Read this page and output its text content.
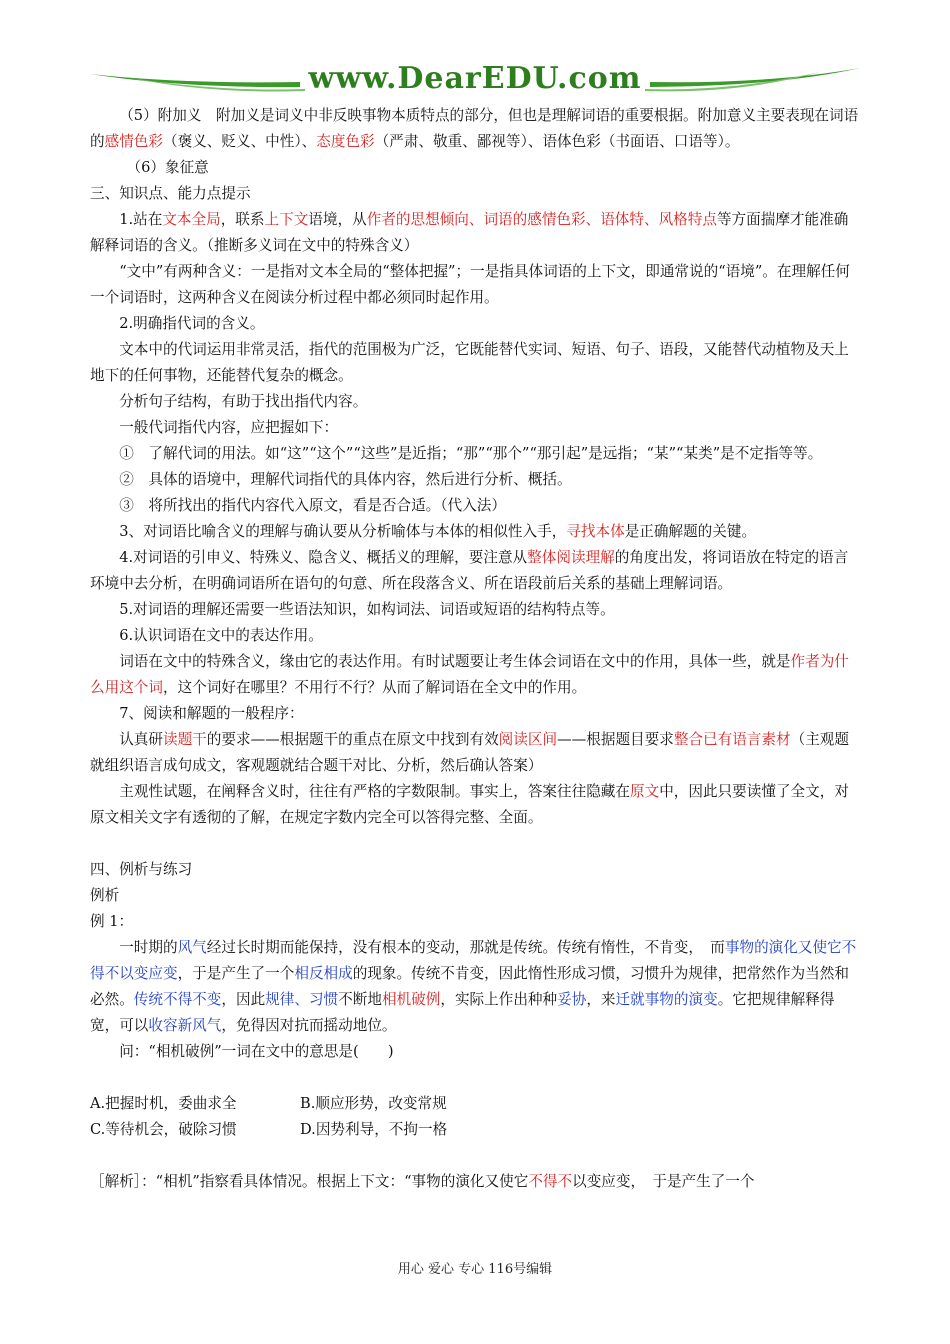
www.DearEDU.com

（5）附加义　附加义是词义中非反映事物本质特点的部分，但也是理解词语的重要根据。附加意义主要表现在词语的感情色彩（褒义、贬义、中性）、态度色彩（严肃、敬重、鄙视等）、语体色彩（书面语、口语等）。

（6）象征意

三、知识点、能力点提示

1.站在文本全局，联系上下文语境，从作者的思想倾向、词语的感情色彩、语体特、风格特点等方面揣摩才能准确解释词语的含义。（推断多义词在文中的特殊含义）

“文中”有两种含义：一是指对文本全局的“整体把握”；一是指具体词语的上下文，即通常说的“语境”。在理解任何一个词语时，这两种含义在阅读分析过程中都必须同时起作用。

2.明确指代词的含义。

文本中的代词运用非常灵活，指代的范围极为广泛，它既能替代实词、短语、句子、语段，又能替代动植物及天上地下的任何事物，还能替代复杂的概念。

分析句子结构，有助于找出指代内容。

一般代词指代内容，应把握如下：

①　了解代词的用法。如“这”“这个”“这些”是近指；“那”“那个”“那引起”是远指；“某”“某类”是不定指等等。

②　具体的语境中，理解代词指代的具体内容，然后进行分析、概括。

③　将所找出的指代内容代入原文，看是否合适。（代入法）

3、对词语比喻含义的理解与确认要从分析喻体与本体的相似性入手，寻找本体是正确解题的关键。

4.对词语的引申义、特殊义、隐含义、概括义的理解，要注意从整体阅读理解的角度出发，将词语放在特定的语言环境中去分析，在明确词语所在语句的句意、所在段落含义、所在语段前后关系的基础上理解词语。

5.对词语的理解还需要一些语法知识，如构词法、词语或短语的结构特点等。

6.认识词语在文中的表达作用。

词语在文中的特殊含义，缘由它的表达作用。有时试题要让考生体会词语在文中的作用，具体一些，就是作者为什么用这个词，这个词好在哪里？不用行不行？从而了解词语在全文中的作用。

7、阅读和解题的一般程序：

认真研读题干的要求——根据题干的重点在原文中找到有效阅读区间——根据题目要求整合已有语言素材（主观题就组织语言成句成文，客观题就结合题干对比、分析，然后确认答案）

主观性试题，在阐释含义时，往往有严格的字数限制。事实上，答案往往隐藏在原文中，因此只要读懂了全文，对原文相关文字有透彻的了解，在规定字数内完全可以答得完整、全面。

四、例析与练习

例析

例 1：

一时期的风气经过长时期而能保持，没有根本的变动，那就是传统。传统有惰性，不肯变，　而事物的演化又使它不得不以变应变，于是产生了一个相反相成的现象。传统不肯变，因此惰性形成习惯，习惯升为规律，把常然作为当然和必然。传统不得不变，因此规律、习惯不断地相机破例，实际上作出种种妥协，来迁就事物的演变。它把规律解释得宽，可以收容新风气，免得因对抗而摇动地位。

问：“相机破例”一词在文中的意思是(　　)

A.把握时机，委曲求全	B.顺应形势，改变常规

C.等待机会，破除习惯	D.因势利导，不拘一格

［解析］：“相机”指察看具体情况。根据上下文：“事物的演化又使它不得不以变应变，　于是产生了一个

用心 爱心 专心 116号编辑
